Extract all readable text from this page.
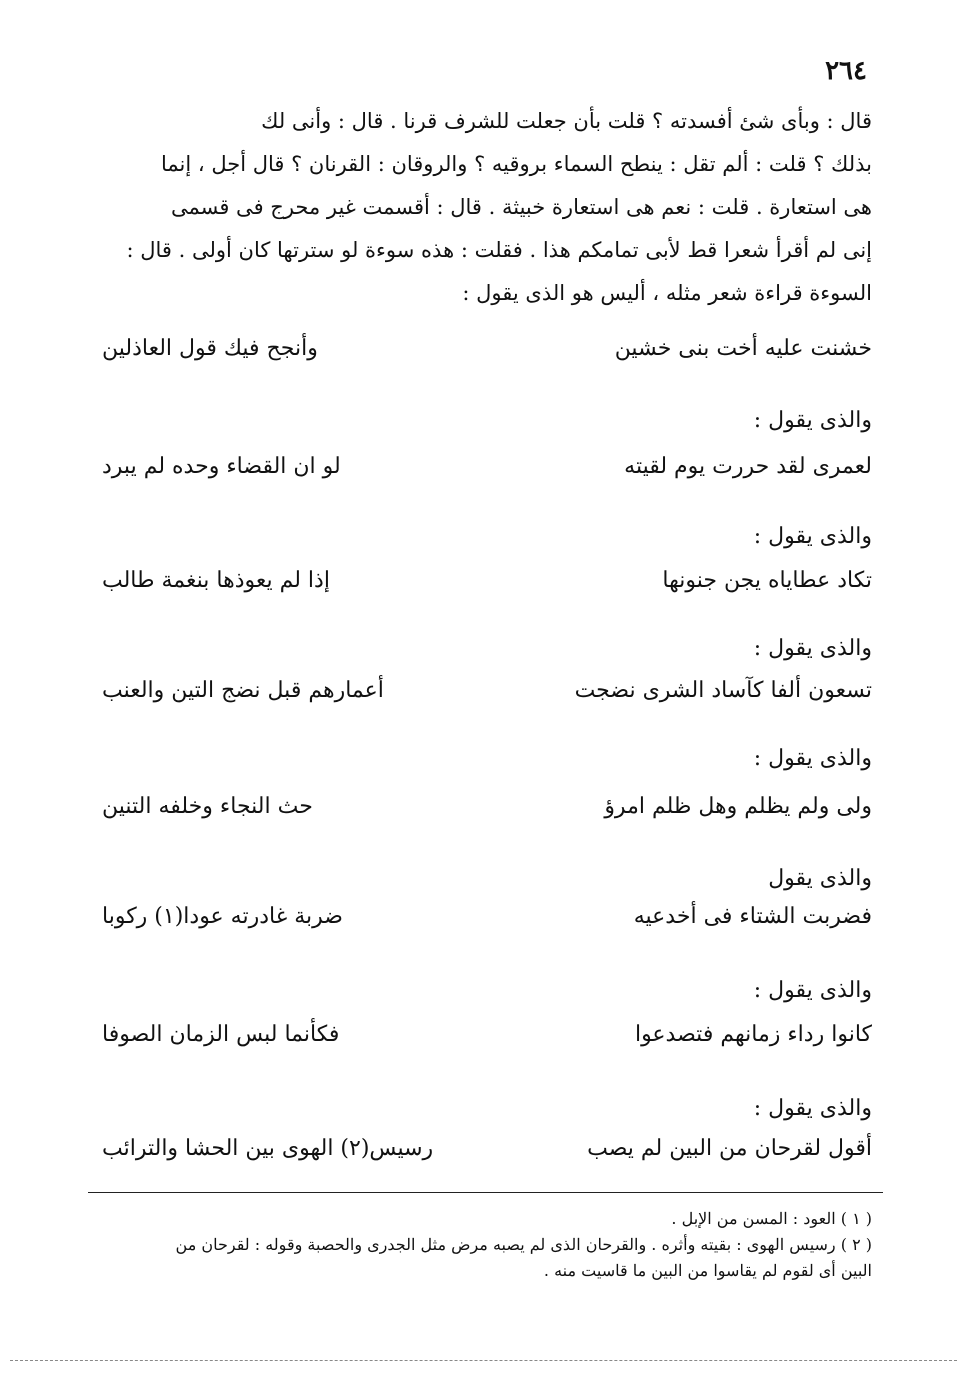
٢٦٤
قال : وبأى شئ أفسدته ؟ قلت بأن جعلت للشرف قرنا . قال : وأنى لك
بذلك ؟ قلت : ألم تقل : ينطح السماء بروقيه ؟ والروقان : القرنان ؟ قال أجل ، إنما
هى استعارة . قلت : نعم هى استعارة خبيثة . قال : أقسمت غير محرج فى قسمى
إنى لم أقرأ شعرا قط لأبى تمامكم هذا . فقلت : هذه سوءة لو سترتها كان أولى . قال :
السوءة قراءة شعر مثله ، أليس هو الذى يقول :
خشنت عليه أخت بنى خشين
وأنجح فيك قول العاذلين
والذى يقول :
لعمرى لقد حررت يوم لقيته
لو ان القضاء وحده لم يبرد
والذى يقول :
تكاد عطاياه يجن جنونها
إذا لم يعوذها بنغمة طالب
والذى يقول :
تسعون ألفا كآساد الشرى نضجت
أعمارهم قبل نضج التين والعنب
والذى يقول :
ولى ولم يظلم وهل ظلم امرؤ
حث النجاء وخلفه التنين
والذى يقول
فضربت الشتاء فى أخدعيه
ضربة غادرته عودا(١) ركوبا
والذى يقول :
كانوا رداء زمانهم فتصدعوا
فكأنما لبس الزمان الصوفا
والذى يقول :
أقول لقرحان من البين لم يصب
رسيس(٢) الهوى بين الحشا والترائب
( ١ ) العود : المسن من الإبل .
( ٢ ) رسيس الهوى : بقيته وأثره . والقرحان الذى لم يصبه مرض مثل الجدرى والحصبة وقوله : لقرحان من
البين أى لقوم لم يقاسوا من البين ما قاسيت منه .
